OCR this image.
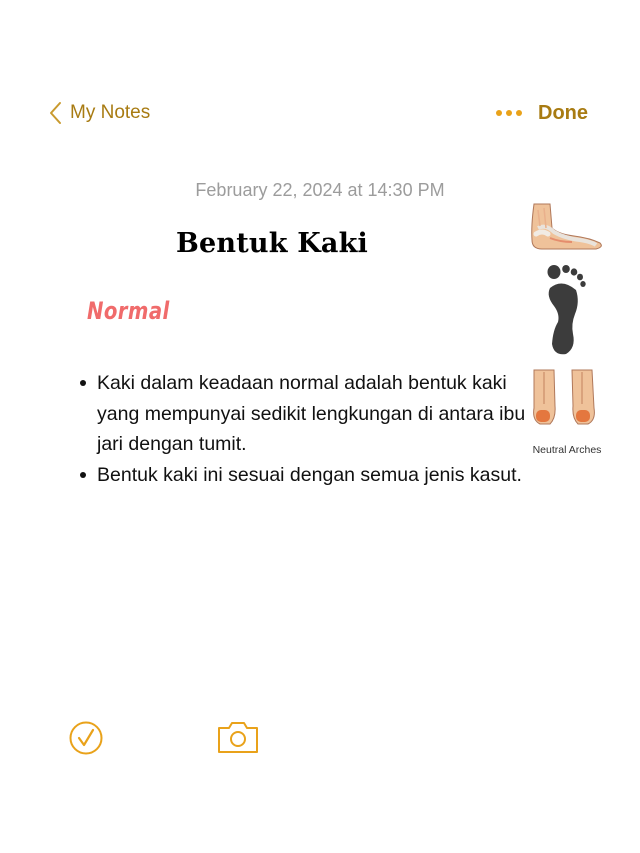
My Notes	Done
February 22, 2024 at 14:30 PM
Bentuk Kaki
Normal
Kaki dalam keadaan normal adalah bentuk kaki yang mempunyai sedikit lengkungan di antara ibu jari dengan tumit.
Bentuk kaki ini sesuai dengan semua jenis kasut.
Neutral Arches
